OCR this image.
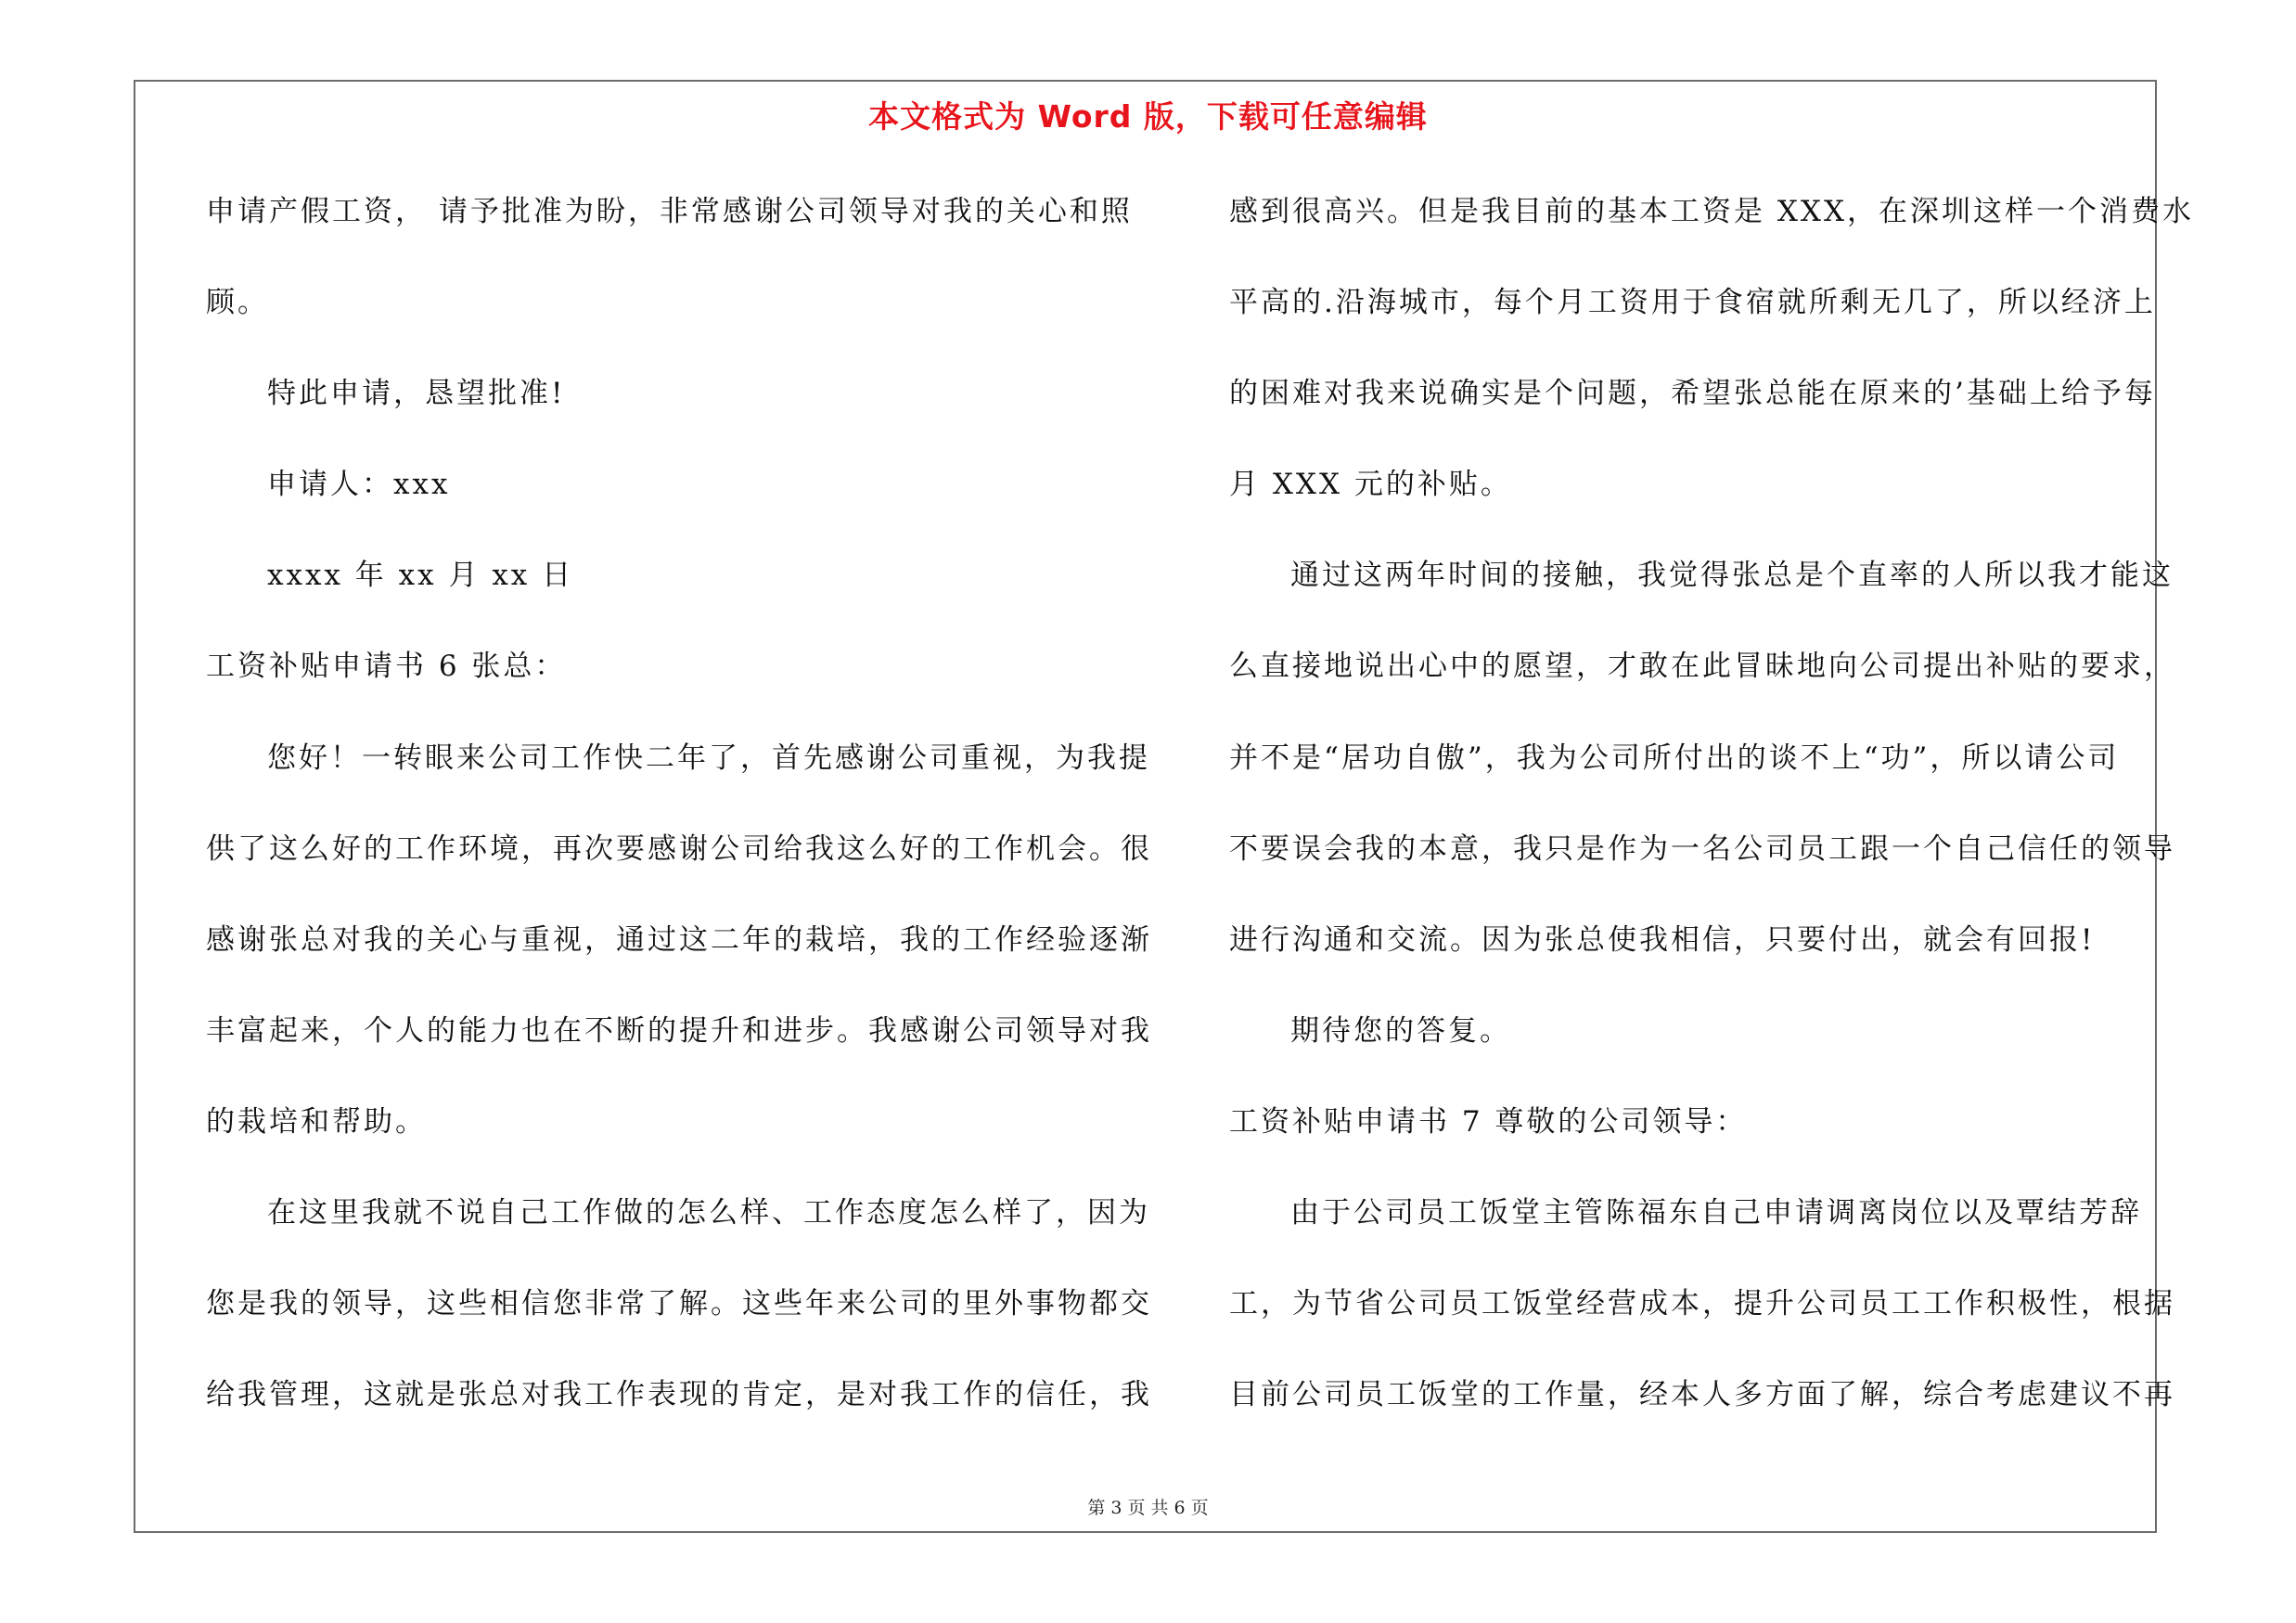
本文格式为 Word 版，下载可任意编辑
申请产假工资， 请予批准为盼，非常感谢公司领导对我的关心和照
顾。
特此申请，恳望批准!
申请人：xxx
xxxx 年 xx 月 xx 日
工资补贴申请书 6 张总：
您好！一转眼来公司工作快二年了，首先感谢公司重视，为我提
供了这么好的工作环境，再次要感谢公司给我这么好的工作机会。很
感谢张总对我的关心与重视，通过这二年的栽培，我的工作经验逐渐
丰富起来，个人的能力也在不断的提升和进步。我感谢公司领导对我
的栽培和帮助。
在这里我就不说自己工作做的怎么样、工作态度怎么样了，因为
您是我的领导，这些相信您非常了解。这些年来公司的里外事物都交
给我管理，这就是张总对我工作表现的肯定，是对我工作的信任，我
感到很高兴。但是我目前的基本工资是 XXX，在深圳这样一个消费水
平高的.沿海城市，每个月工资用于食宿就所剩无几了，所以经济上
的困难对我来说确实是个问题，希望张总能在原来的’基础上给予每
月 XXX 元的补贴。
通过这两年时间的接触，我觉得张总是个直率的人所以我才能这
么直接地说出心中的愿望，才敢在此冒昧地向公司提出补贴的要求，
并不是“居功自傲”，我为公司所付出的谈不上“功”，所以请公司
不要误会我的本意，我只是作为一名公司员工跟一个自己信任的领导
进行沟通和交流。因为张总使我相信，只要付出，就会有回报!
期待您的答复。
工资补贴申请书 7 尊敬的公司领导：
由于公司员工饭堂主管陈福东自己申请调离岗位以及覃结芳辞
工，为节省公司员工饭堂经营成本，提升公司员工工作积极性，根据
目前公司员工饭堂的工作量，经本人多方面了解，综合考虑建议不再
第 3 页 共 6 页
